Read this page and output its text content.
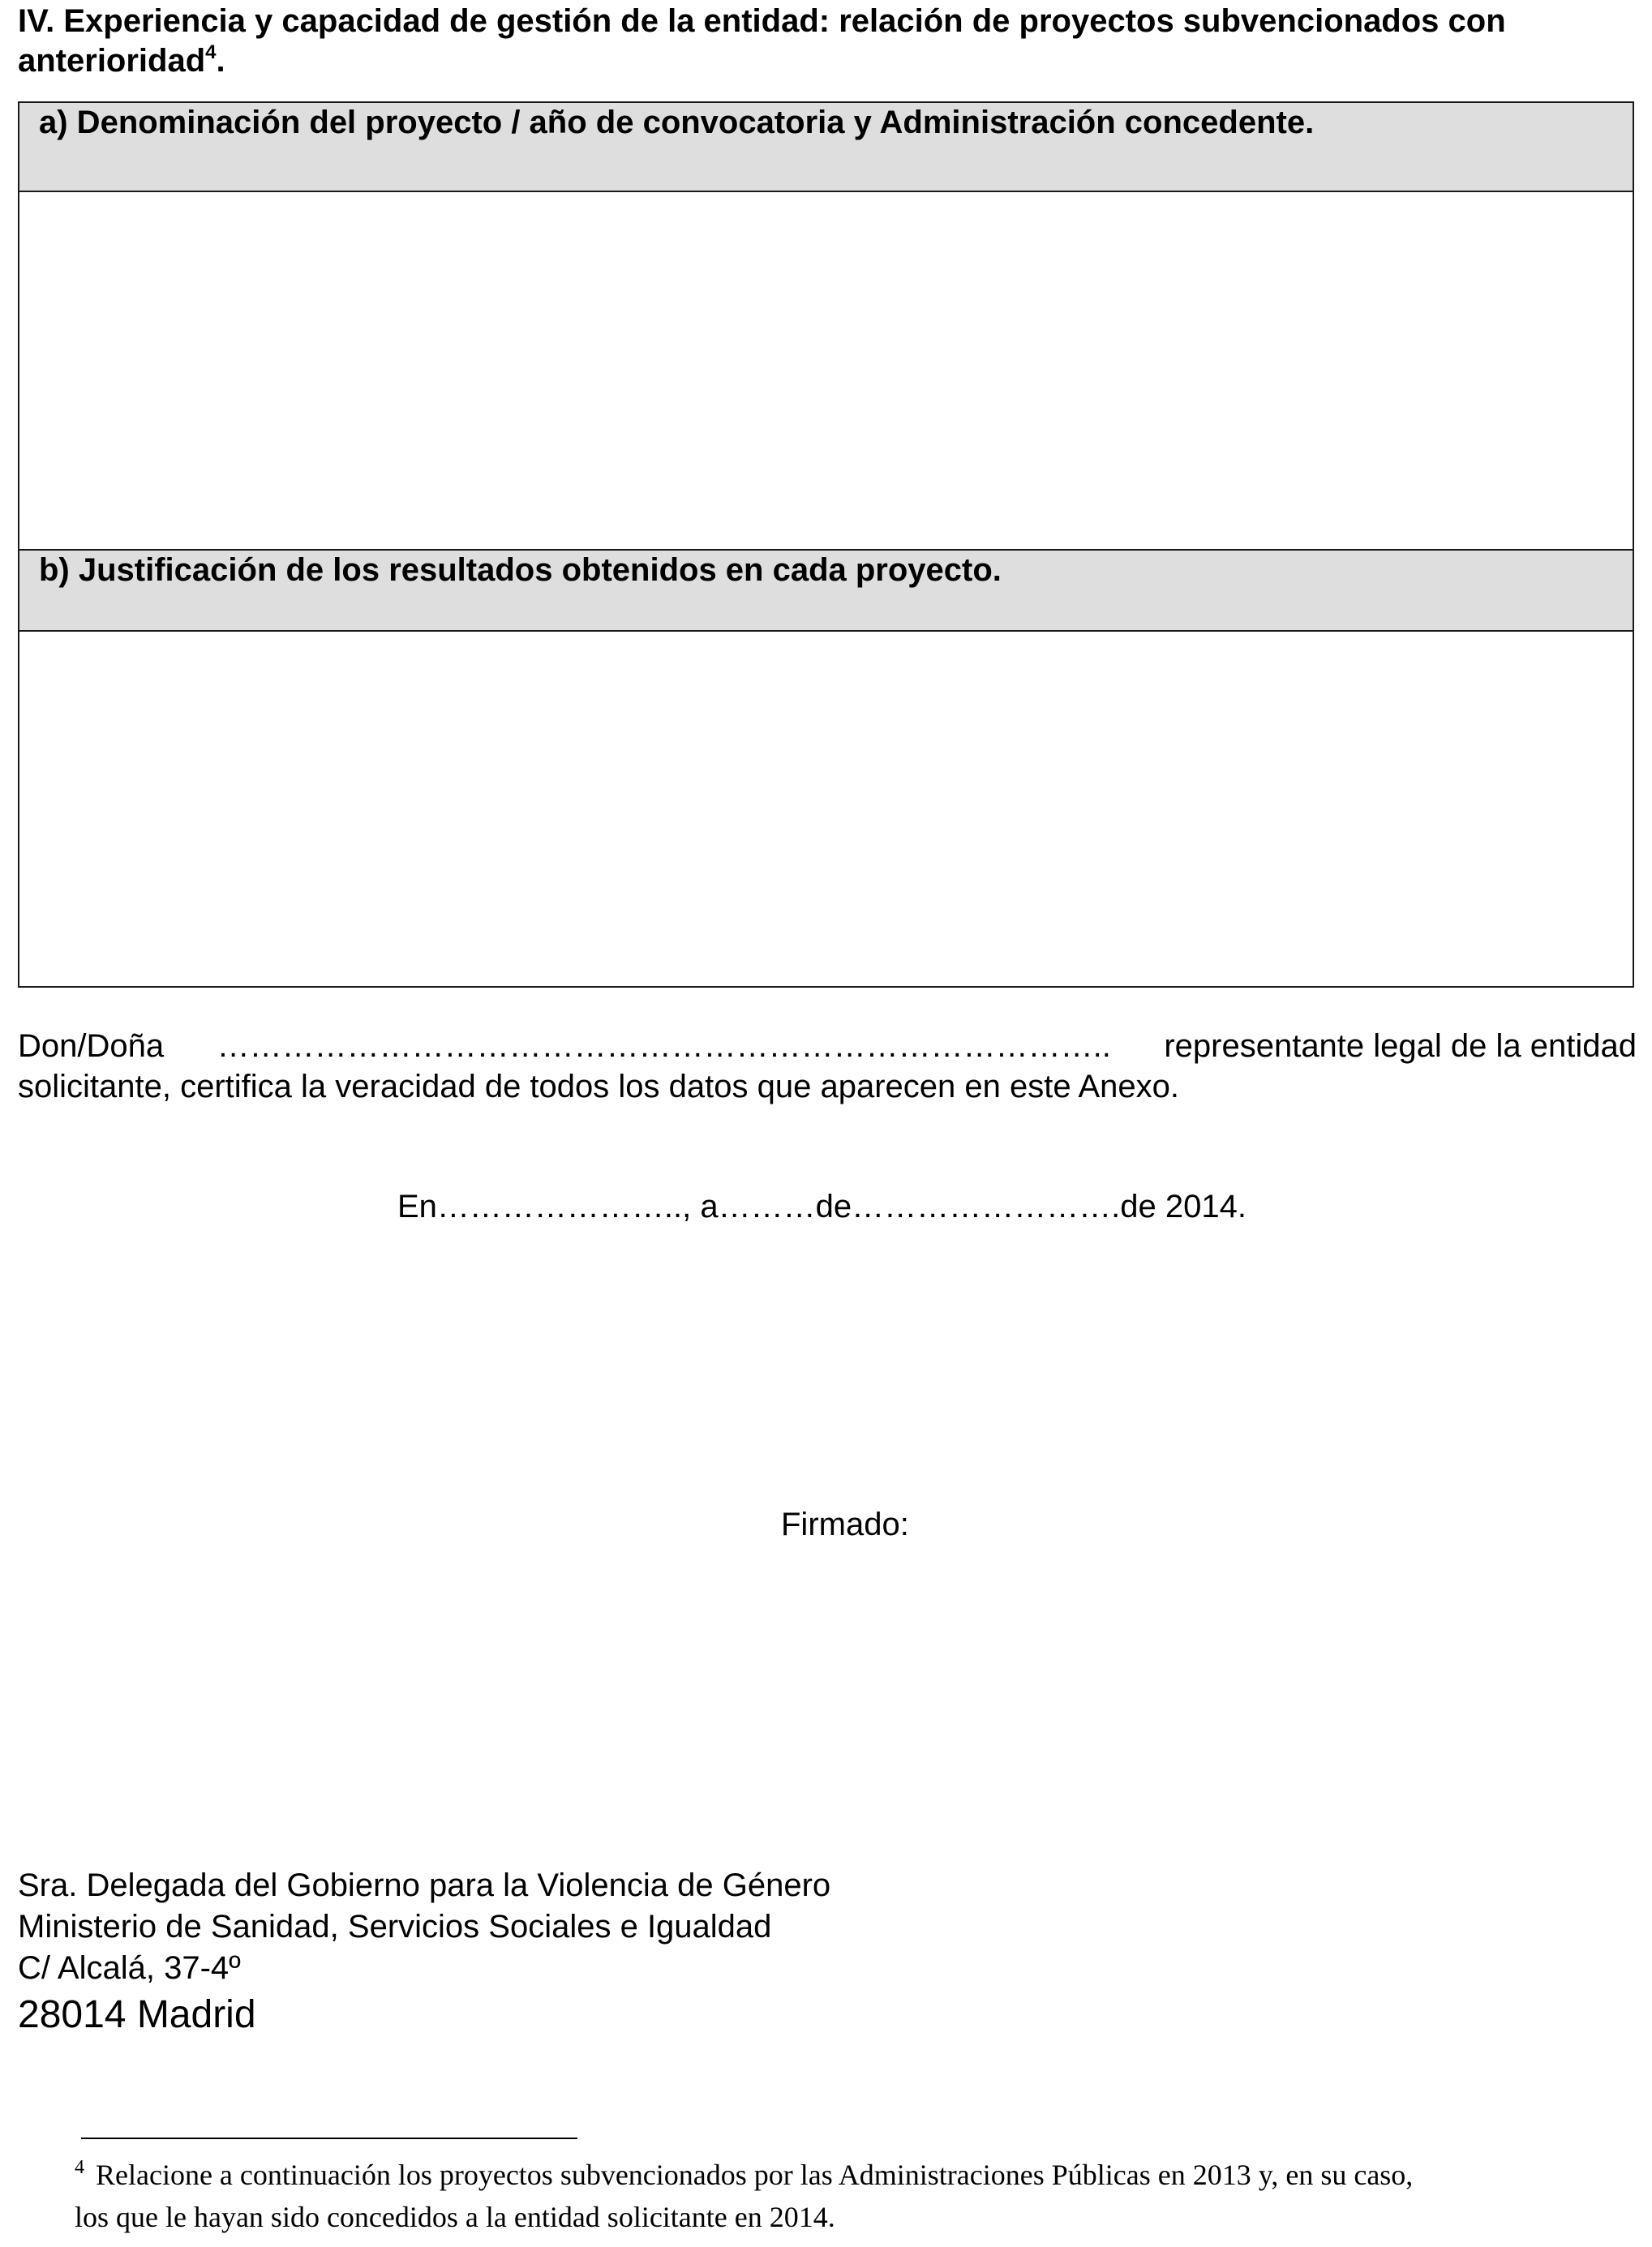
IV. Experiencia y capacidad de gestión de la entidad: relación de proyectos subvencionados con anterioridad$^4$.
a) Denominación del proyecto / año de convocatoria y Administración concedente.
b) Justificación de los resultados obtenidos en cada proyecto.
Don/Doña ……………………………………………………………………….. representante legal de la entidad
solicitante, certifica la veracidad de todos los datos que aparecen en este Anexo.
En………………….., a………de…………………….de 2014.
Firmado:
Sra. Delegada del Gobierno para la Violencia de Género
Ministerio de Sanidad, Servicios Sociales e Igualdad
C/ Alcalá, 37-4º
28014 Madrid
$^4$ Relacione a continuación los proyectos subvencionados por las Administraciones Públicas en 2013 y, en su caso, los que le hayan sido concedidos a la entidad solicitante en 2014.
